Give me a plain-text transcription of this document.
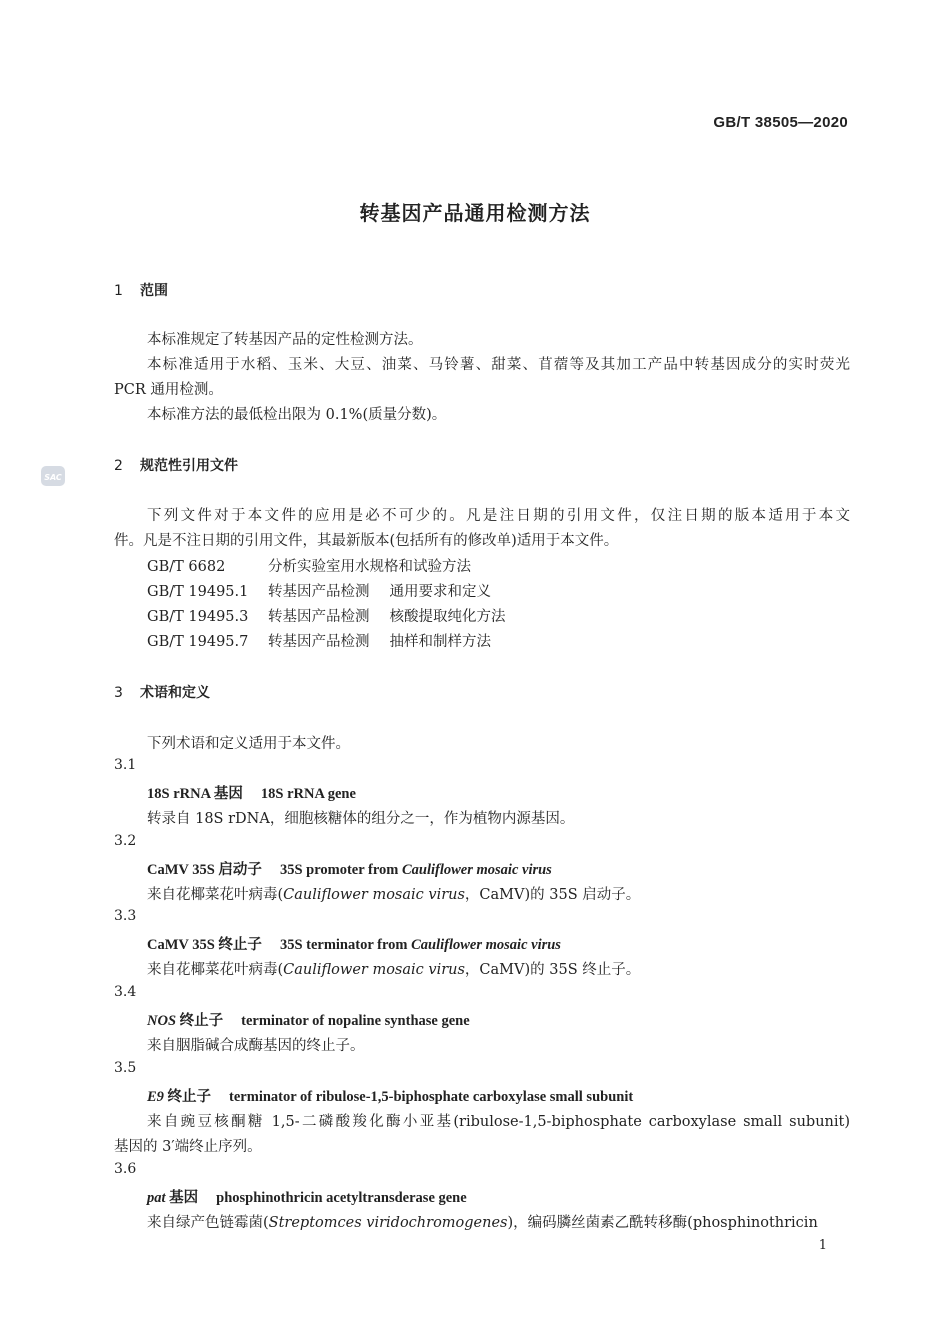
GB/T 38505—2020
转基因产品通用检测方法
1 范围
本标准规定了转基因产品的定性检测方法。
本标准适用于水稻、玉米、大豆、油菜、马铃薯、甜菜、苜蓿等及其加工产品中转基因成分的实时荧光
PCR 通用检测。
本标准方法的最低检出限为 0.1%(质量分数)。
SAC
2 规范性引用文件
下列文件对于本文件的应用是必不可少的。凡是注日期的引用文件，仅注日期的版本适用于本文
件。凡是不注日期的引用文件，其最新版本(包括所有的修改单)适用于本文件。
GB/T 6682	分析实验室用水规格和试验方法
GB/T 19495.1 转基因产品检测 通用要求和定义
GB/T 19495.3 转基因产品检测 核酸提取纯化方法
GB/T 19495.7 转基因产品检测 抽样和制样方法
3 术语和定义
下列术语和定义适用于本文件。
3.1
18S rRNA 基因 18S rRNA gene
转录自 18S rDNA，细胞核糖体的组分之一，作为植物内源基因。
3.2
CaMV 35S 启动子 35S promoter from Cauliflower mosaic virus
来自花椰菜花叶病毒(Cauliflower mosaic virus，CaMV)的 35S 启动子。
3.3
CaMV 35S 终止子 35S terminator from Cauliflower mosaic virus
来自花椰菜花叶病毒(Cauliflower mosaic virus，CaMV)的 35S 终止子。
3.4
NOS 终止子 terminator of nopaline synthase gene
来自胭脂碱合成酶基因的终止子。
3.5
E9 终止子 terminator of ribulose-1,5-biphosphate carboxylase small subunit
来自豌豆核酮糖 1,5-二磷酸羧化酶小亚基(ribulose-1,5-biphosphate carboxylase small subunit)
基因的 3′端终止序列。
3.6
pat 基因 phosphinothricin acetyltransderase gene
来自绿产色链霉菌(Streptomces viridochromogenes)，编码膦丝菌素乙酰转移酶(phosphinothricin
1
